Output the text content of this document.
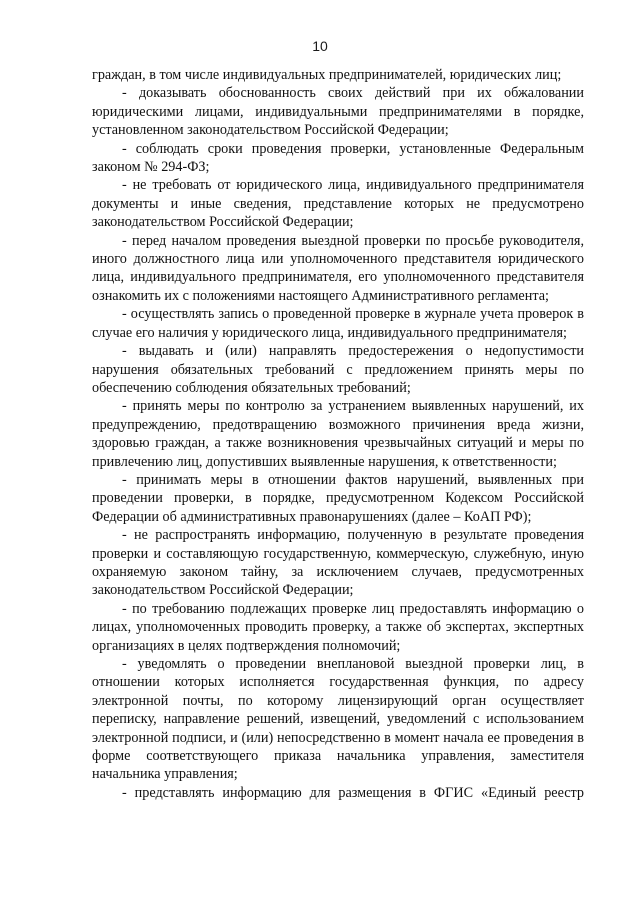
10

граждан, в том числе индивидуальных предпринимателей, юридических лиц;

- доказывать обоснованность своих действий при их обжаловании юридическими лицами, индивидуальными предпринимателями в порядке, установленном законодательством Российской Федерации;

- соблюдать сроки проведения проверки, установленные Федеральным законом № 294-ФЗ;

- не требовать от юридического лица, индивидуального предпринимателя документы и иные сведения, представление которых не предусмотрено законодательством Российской Федерации;

- перед началом проведения выездной проверки по просьбе руководителя, иного должностного лица или уполномоченного представителя юридического лица, индивидуального предпринимателя, его уполномоченного представителя ознакомить их с положениями настоящего Административного регламента;

- осуществлять запись о проведенной проверке в журнале учета проверок в случае его наличия у юридического лица, индивидуального предпринимателя;

- выдавать и (или) направлять предостережения о недопустимости нарушения обязательных требований с предложением принять меры по обеспечению соблюдения обязательных требований;

- принять меры по контролю за устранением выявленных нарушений, их предупреждению, предотвращению возможного причинения вреда жизни, здоровью граждан, а также возникновения чрезвычайных ситуаций и меры по привлечению лиц, допустивших выявленные нарушения, к ответственности;

- принимать меры в отношении фактов нарушений, выявленных при проведении проверки, в порядке, предусмотренном Кодексом Российской Федерации об административных правонарушениях (далее – КоАП РФ);

- не распространять информацию, полученную в результате проведения проверки и составляющую государственную, коммерческую, служебную, иную охраняемую законом тайну, за исключением случаев, предусмотренных законодательством Российской Федерации;

- по требованию подлежащих проверке лиц предоставлять информацию о лицах, уполномоченных проводить проверку, а также об экспертах, экспертных организациях в целях подтверждения полномочий;

- уведомлять о проведении внеплановой выездной проверки лиц, в отношении которых исполняется государственная функция, по адресу электронной почты, по которому лицензирующий орган осуществляет переписку, направление решений, извещений, уведомлений с использованием электронной подписи, и (или) непосредственно в момент начала ее проведения в форме соответствующего приказа начальника управления, заместителя начальника управления;

- представлять информацию для размещения в ФГИС «Единый реестр
